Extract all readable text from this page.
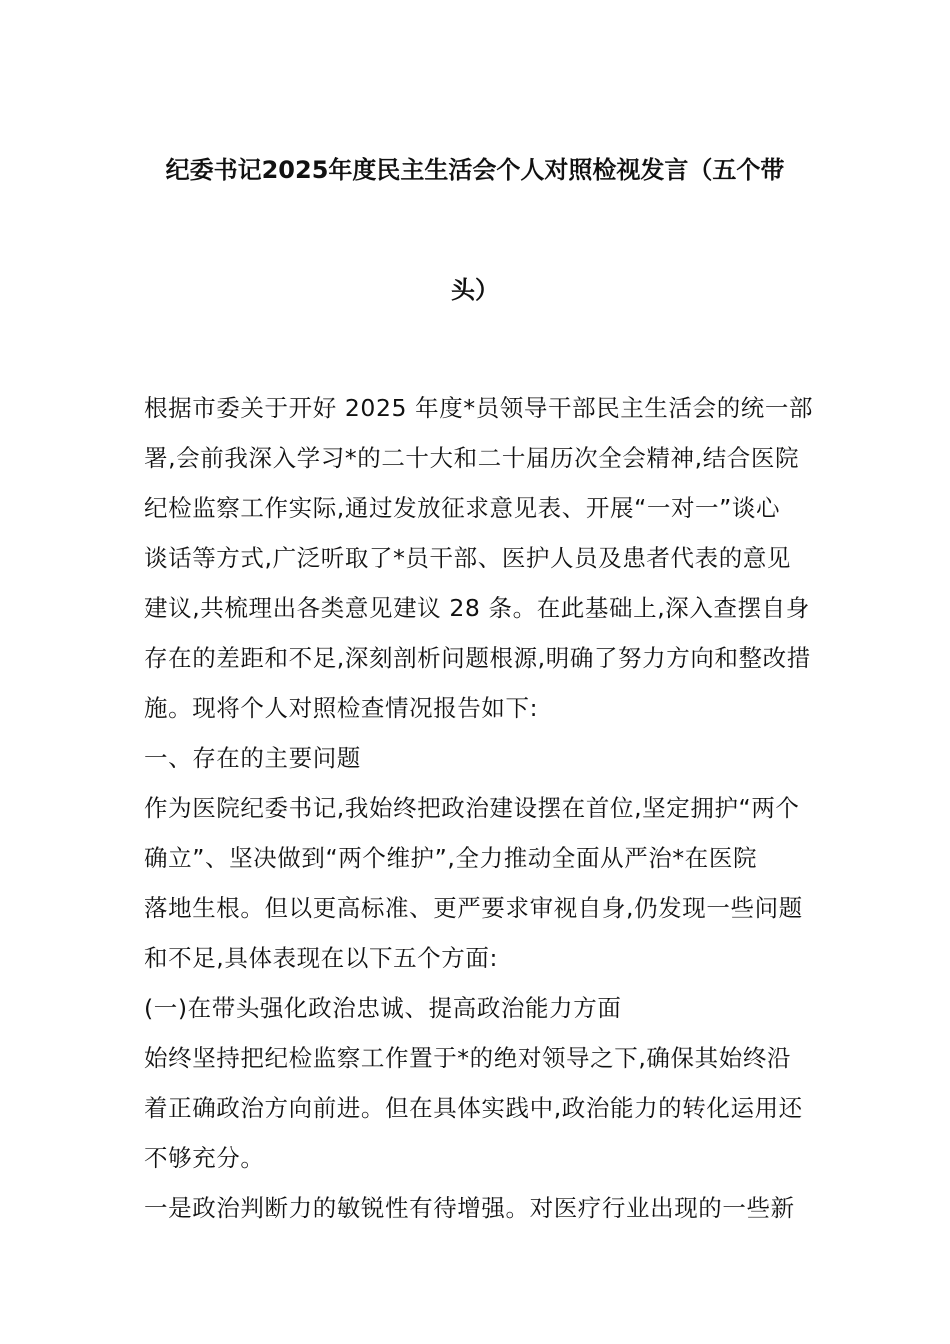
纪委书记2025年度民主生活会个人对照检视发言（五个带
头）
根据市委关于开好 2025 年度*员领导干部民主生活会的统一部
署,会前我深入学习*的二十大和二十届历次全会精神,结合医院
纪检监察工作实际,通过发放征求意见表、开展“一对一”谈心
谈话等方式,广泛听取了*员干部、医护人员及患者代表的意见
建议,共梳理出各类意见建议 28 条。在此基础上,深入查摆自身
存在的差距和不足,深刻剖析问题根源,明确了努力方向和整改措
施。现将个人对照检查情况报告如下:
一、存在的主要问题
作为医院纪委书记,我始终把政治建设摆在首位,坚定拥护“两个
确立”、坚决做到“两个维护”,全力推动全面从严治*在医院
落地生根。但以更高标准、更严要求审视自身,仍发现一些问题
和不足,具体表现在以下五个方面:
(一)在带头强化政治忠诚、提高政治能力方面
始终坚持把纪检监察工作置于*的绝对领导之下,确保其始终沿
着正确政治方向前进。但在具体实践中,政治能力的转化运用还
不够充分。
一是政治判断力的敏锐性有待增强。对医疗行业出现的一些新
